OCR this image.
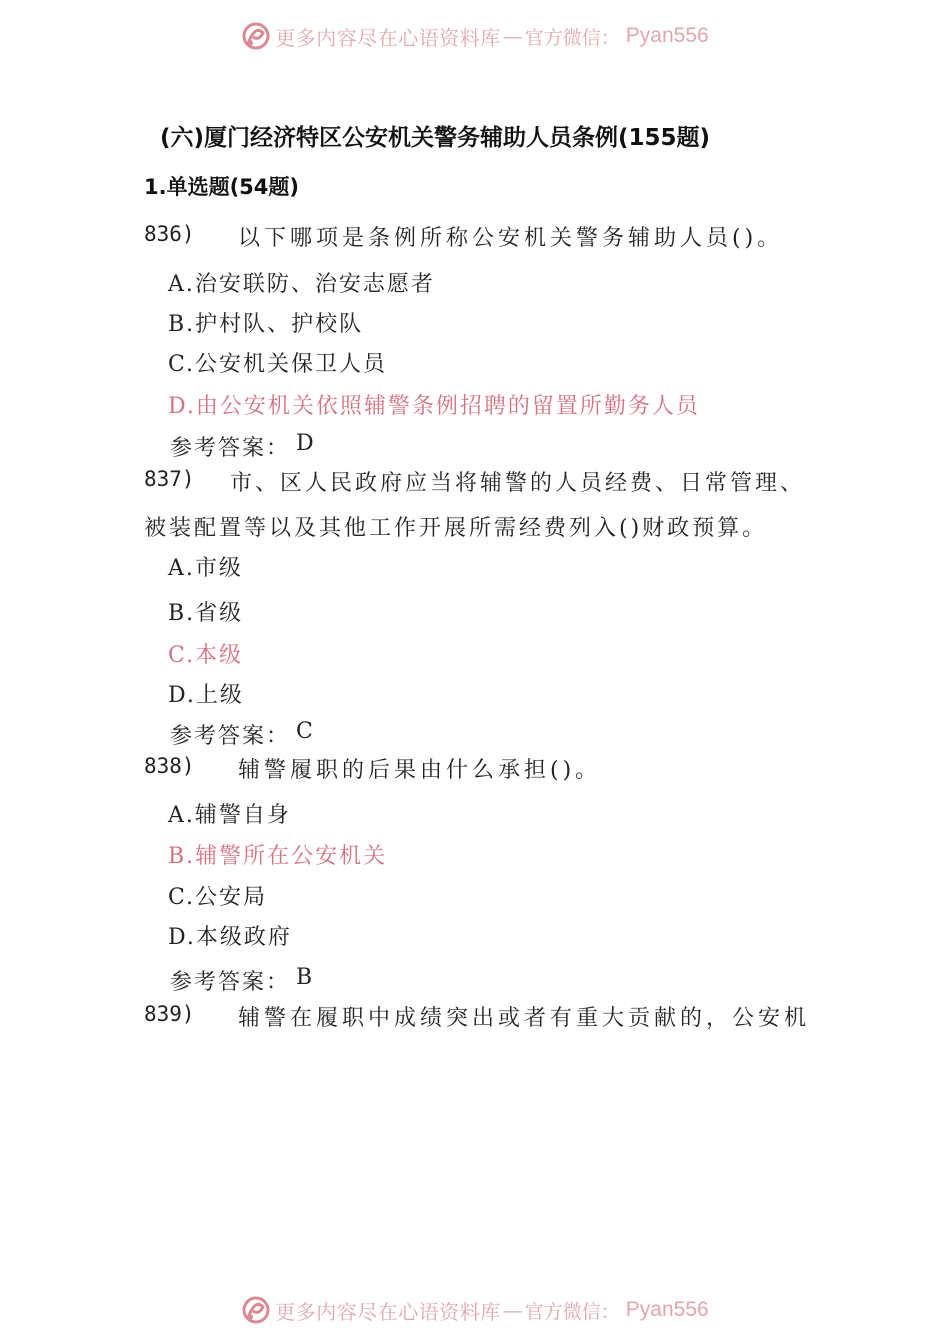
更多内容尽在心语资料库 — 官方微信： Pyan556
(六)厦门经济特区公安机关警务辅助人员条例(155题)
1.单选题(54题)
836) 以下哪项是条例所称公安机关警务辅助人员()。
A.治安联防、治安志愿者
B.护村队、护校队
C.公安机关保卫人员
D.由公安机关依照辅警条例招聘的留置所勤务人员
参考答案： D
837) 市、区人民政府应当将辅警的人员经费、日常管理、
被装配置等以及其他工作开展所需经费列入()财政预算。
A.市级
B.省级
C.本级
D.上级
参考答案： C
838) 辅警履职的后果由什么承担()。
A.辅警自身
B.辅警所在公安机关
C.公安局
D.本级政府
参考答案： B
839) 辅警在履职中成绩突出或者有重大贡献的，公安机
更多内容尽在心语资料库 — 官方微信： Pyan556
